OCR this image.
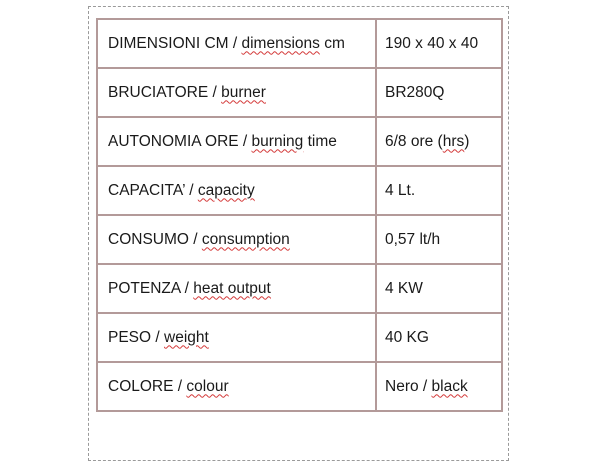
DIMENSIONI CM / dimensions cm	190 x 40 x 40
BRUCIATORE / burner	BR280Q
AUTONOMIA ORE / burning time	6/8 ore (hrs)
CAPACITA’ / capacity	4 Lt.
CONSUMO / consumption	0,57 lt/h
POTENZA / heat output	4 KW
PESO / weight	40 KG
COLORE / colour	Nero / black
